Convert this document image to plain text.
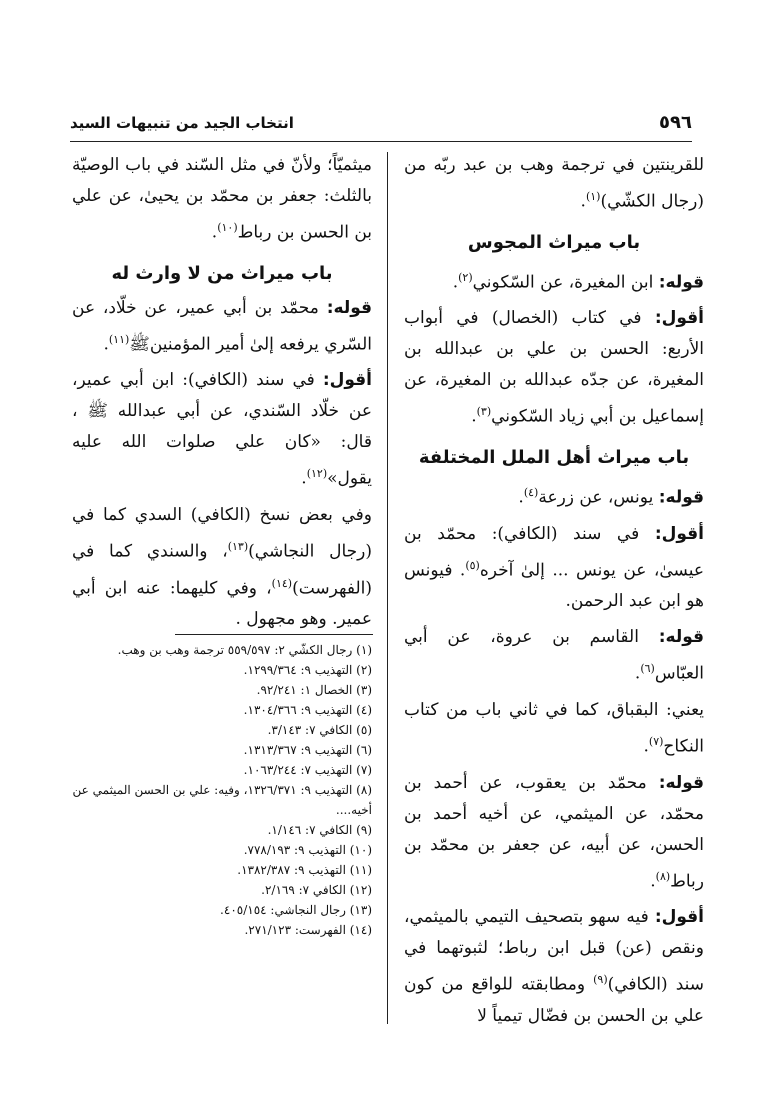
انتخاب الجيد من تنبيهات السيد	٥٩٦

للقرينتين في ترجمة وهب بن عبد ربّه من (رجال الكشّي)$^{(١)}$.

باب ميراث المجوس

قوله: ابن المغيرة، عن السّكوني$^{(٢)}$.

أقول: في كتاب (الخصال) في أبواب الأربع: الحسن بن علي بن عبدالله بن المغيرة، عن جدّه عبدالله بن المغيرة، عن إسماعيل بن أبي زياد السّكوني$^{(٣)}$.

باب ميراث أهل الملل المختلفة

قوله: يونس، عن زرعة$^{(٤)}$.

أقول: في سند (الكافي): محمّد بن عيسىٰ، عن يونس ... إلىٰ آخره$^{(٥)}$. فيونس هو ابن عبد الرحمن.

قوله: القاسم بن عروة، عن أبي العبّاس$^{(٦)}$.

يعني: البقباق، كما في ثاني باب من كتاب النكاح$^{(٧)}$.

قوله: محمّد بن يعقوب، عن أحمد بن محمّد، عن الميثمي، عن أخيه أحمد بن الحسن، عن أبيه، عن جعفر بن محمّد بن رباط$^{(٨)}$.

أقول: فيه سهو بتصحيف التيمي بالميثمي، ونقص (عن) قبل ابن رباط؛ لثبوتهما في سند (الكافي)$^{(٩)}$ ومطابقته للواقع من كون علي بن الحسن بن فضّال تيمياً لا

ميثميّاً؛ ولأنّ في مثل السّند في باب الوصيّة بالثلث: جعفر بن محمّد بن يحيىٰ، عن علي بن الحسن بن رباط$^{(١٠)}$.

باب ميراث من لا وارث له

قوله: محمّد بن أبي عمير، عن خلّاد، عن السّري يرفعه إلىٰ أمير المؤمنينﷺ$^{(١١)}$.

أقول: في سند (الكافي): ابن أبي عمير، عن خلّاد السّندي، عن أبي عبدالله ﷺ ، قال: «كان علي صلوات الله عليه يقول»$^{(١٢)}$.

وفي بعض نسخ (الكافي) السدي كما في (رجال النجاشي)$^{(١٣)}$، والسندي كما في (الفهرست)$^{(١٤)}$، وفي كليهما: عنه ابن أبي عمير. وهو مجهول .

(١) رجال الكشّي ٢: ٥٥٩/٥٩٧ ترجمة وهب بن وهب.

(٢) التهذيب ٩: ١٢٩٩/٣٦٤.

(٣) الخصال ١: ٩٢/٢٤١.

(٤) التهذيب ٩: ١٣٠٤/٣٦٦.

(٥) الكافي ٧: ٣/١٤٣.

(٦) التهذيب ٩: ١٣١٣/٣٦٧.

(٧) التهذيب ٧: ١٠٦٣/٢٤٤.

(٨) التهذيب ٩: ١٣٢٦/٣٧١، وفيه: علي بن الحسن الميثمي عن أخيه....

(٩) الكافي ٧: ١/١٤٦.

(١٠) التهذيب ٩: ٧٧٨/١٩٣.

(١١) التهذيب ٩: ١٣٨٢/٣٨٧.

(١٢) الكافي ٧: ٢/١٦٩.

(١٣) رجال النجاشي: ٤٠٥/١٥٤.

(١٤) الفهرست: ٢٧١/١٢٣.
